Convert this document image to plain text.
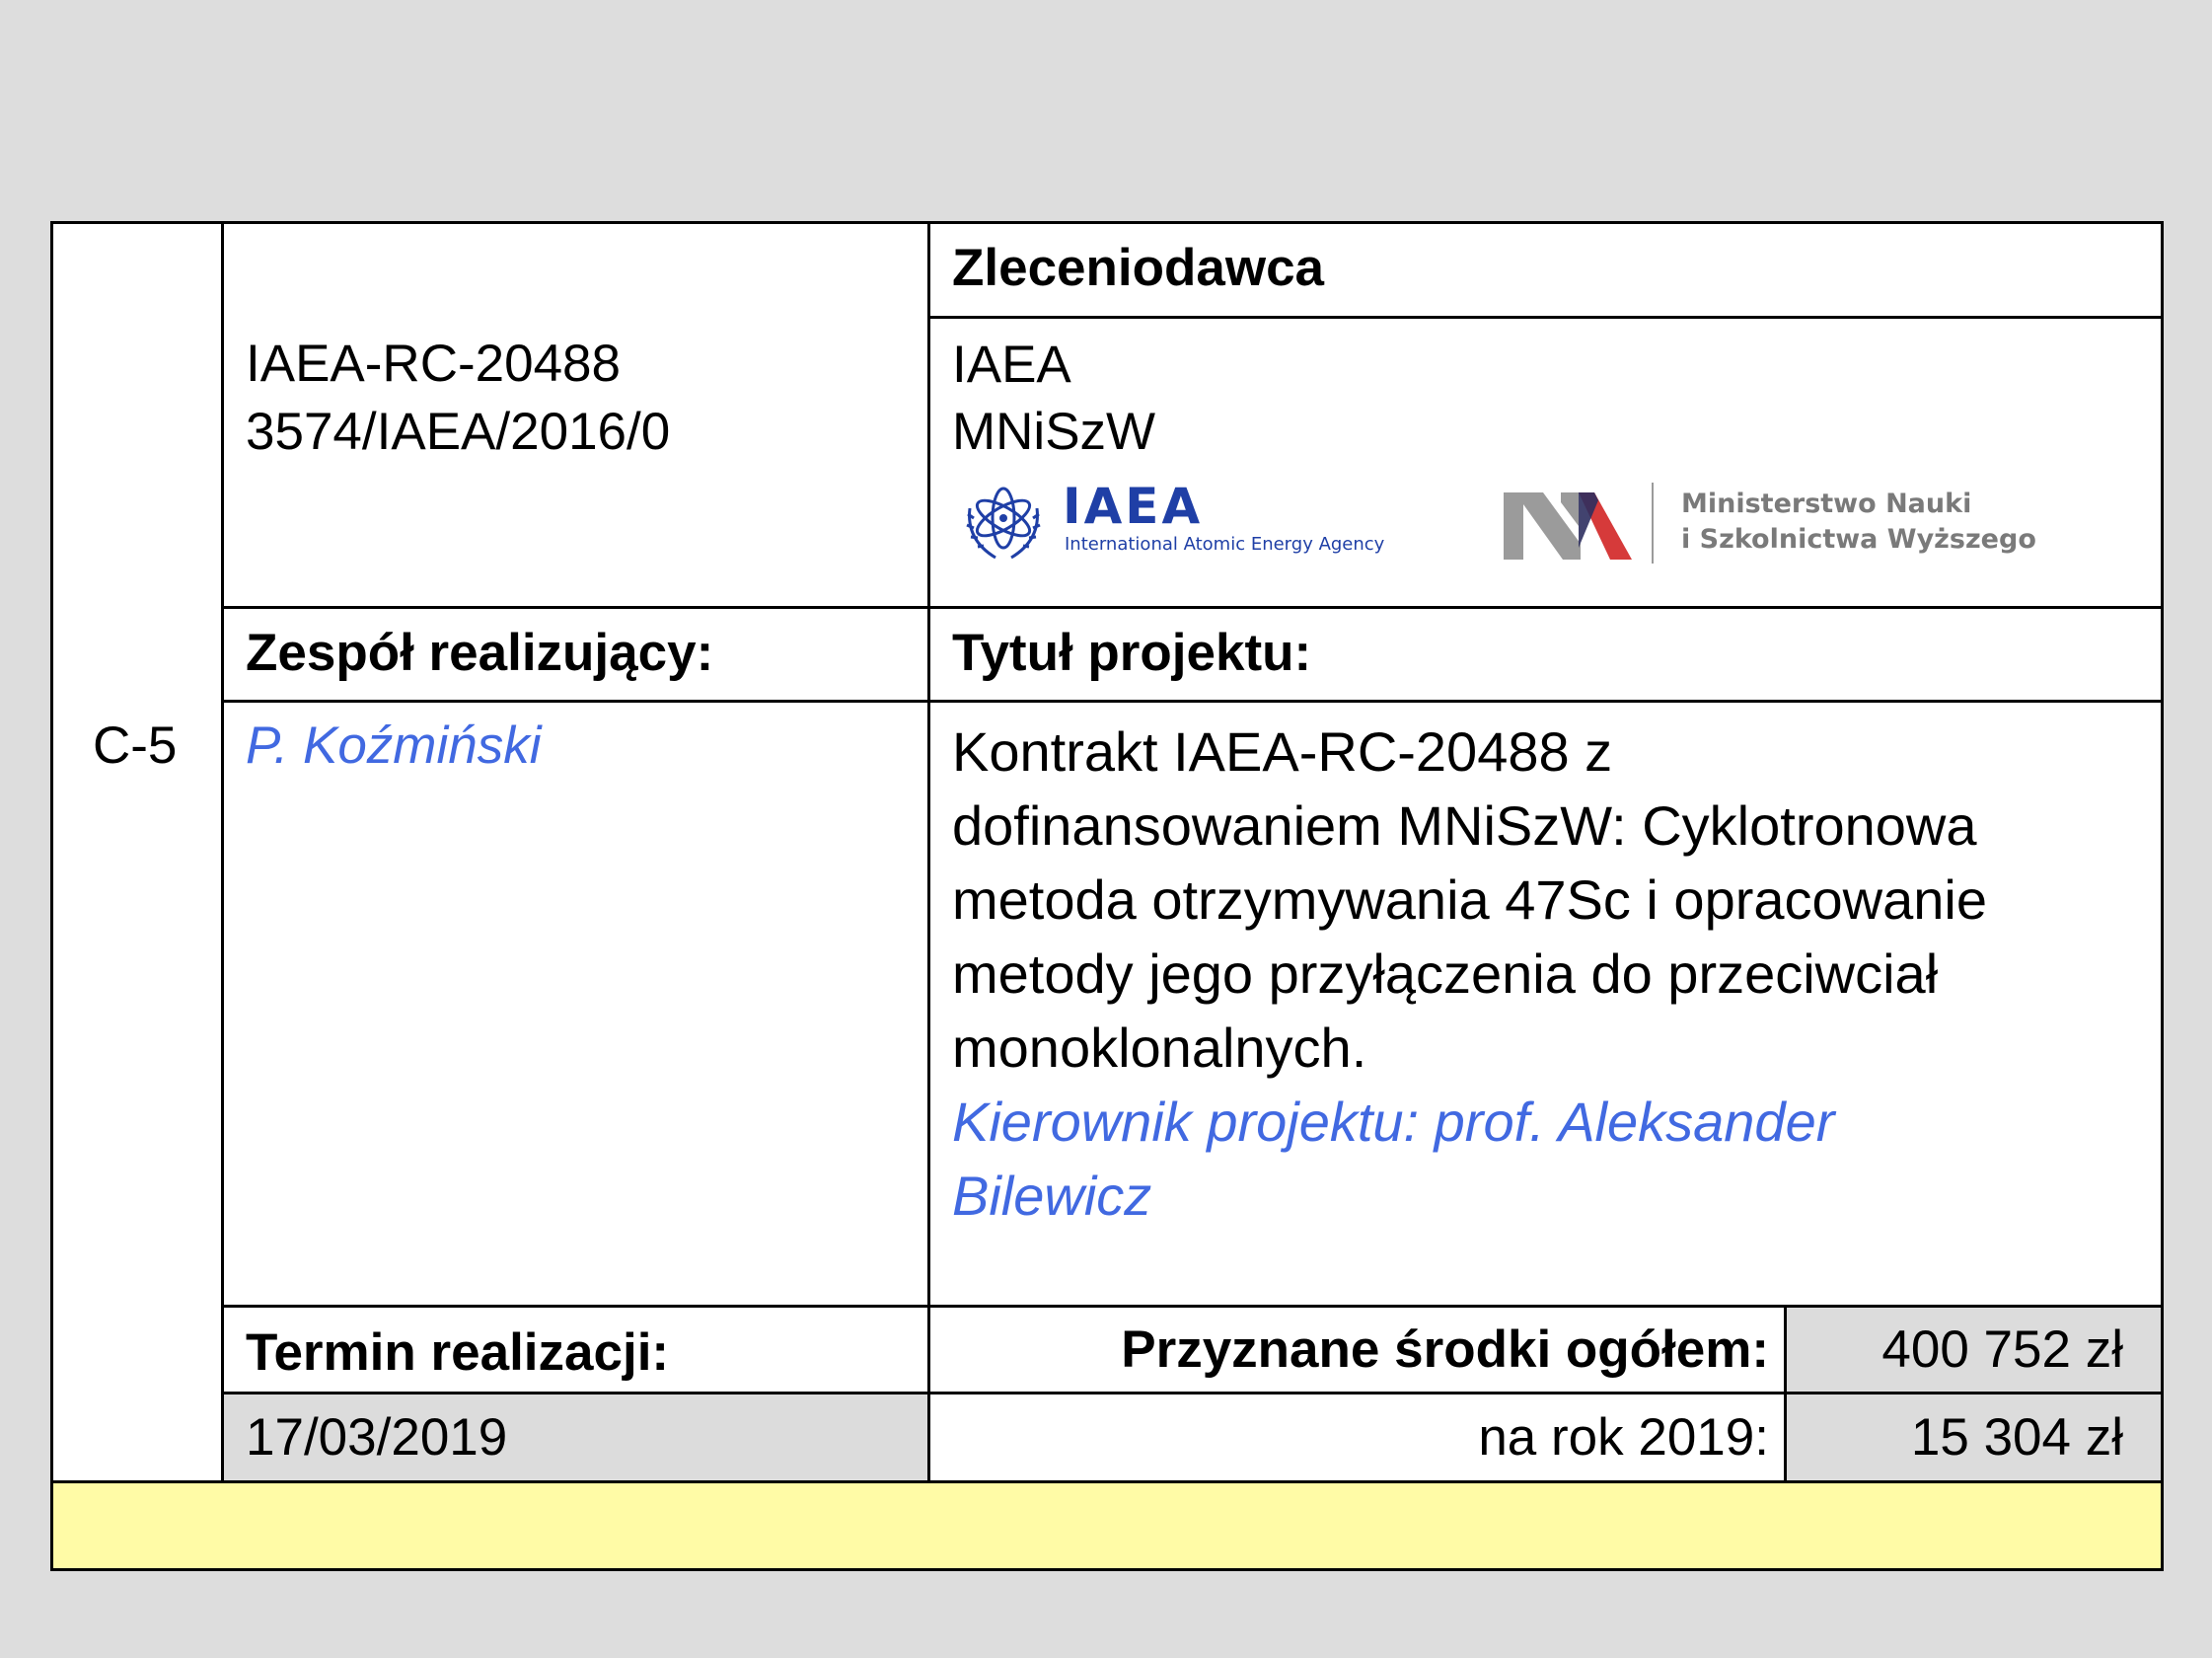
C-5
IAEA-RC-20488
3574/IAEA/2016/0
Zleceniodawca
IAEA
MNiSzW
IAEA
International Atomic Energy Agency
Ministerstwo Nauki
i Szkolnictwa Wyższego
Zespół realizujący:
P. Koźmiński
Tytuł projektu:
Kontrakt IAEA-RC-20488 z
dofinansowaniem MNiSzW: Cyklotronowa
metoda otrzymywania 47Sc i opracowanie
metody jego przyłączenia do przeciwciał
monoklonalnych.
Kierownik projektu: prof. Aleksander
Bilewicz
Termin realizacji:
17/03/2019
Przyznane środki ogółem: 400 752 zł
na rok 2019:	15 304 zł
